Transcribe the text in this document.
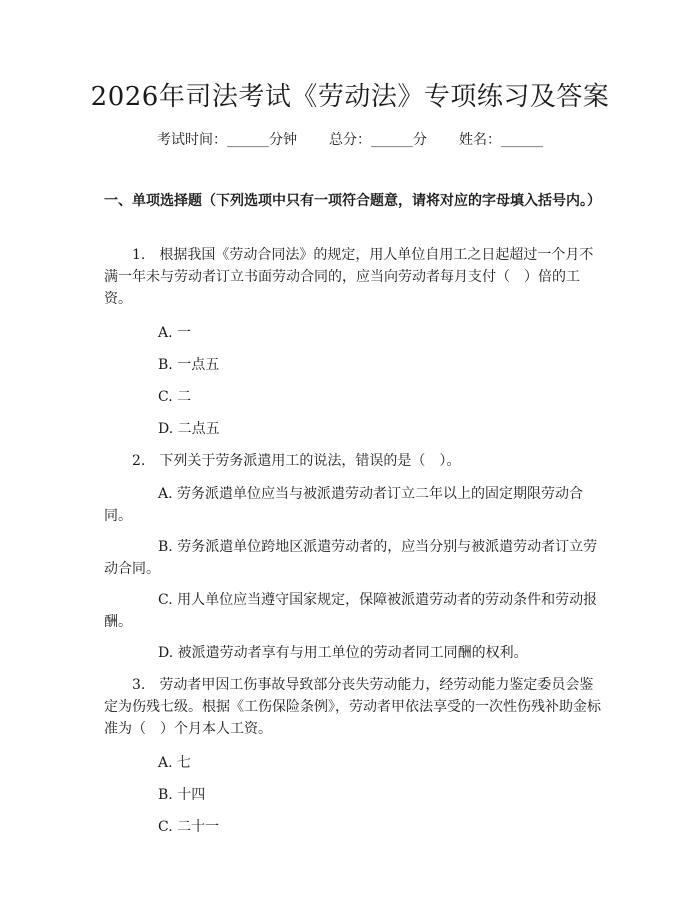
2026年司法考试《劳动法》专项练习及答案
考试时间：______分钟 总分：______分 姓名：______

一、单项选择题（下列选项中只有一项符合题意，请将对应的字母填入括号内。）

1.　根据我国《劳动合同法》的规定，用人单位自用工之日起超过一个月不满一年未与劳动者订立书面劳动合同的，应当向劳动者每月支付（　）倍的工资。

A. 一

B. 一点五

C. 二

D. 二点五

2.　下列关于劳务派遣用工的说法，错误的是（　）。

A. 劳务派遣单位应当与被派遣劳动者订立二年以上的固定期限劳动合同。

B. 劳务派遣单位跨地区派遣劳动者的，应当分别与被派遣劳动者订立劳动合同。

C. 用人单位应当遵守国家规定，保障被派遣劳动者的劳动条件和劳动报酬。

D. 被派遣劳动者享有与用工单位的劳动者同工同酬的权利。

3.　劳动者甲因工伤事故导致部分丧失劳动能力，经劳动能力鉴定委员会鉴定为伤残七级。根据《工伤保险条例》，劳动者甲依法享受的一次性伤残补助金标准为（　）个月本人工资。

A. 七

B. 十四

C. 二十一
